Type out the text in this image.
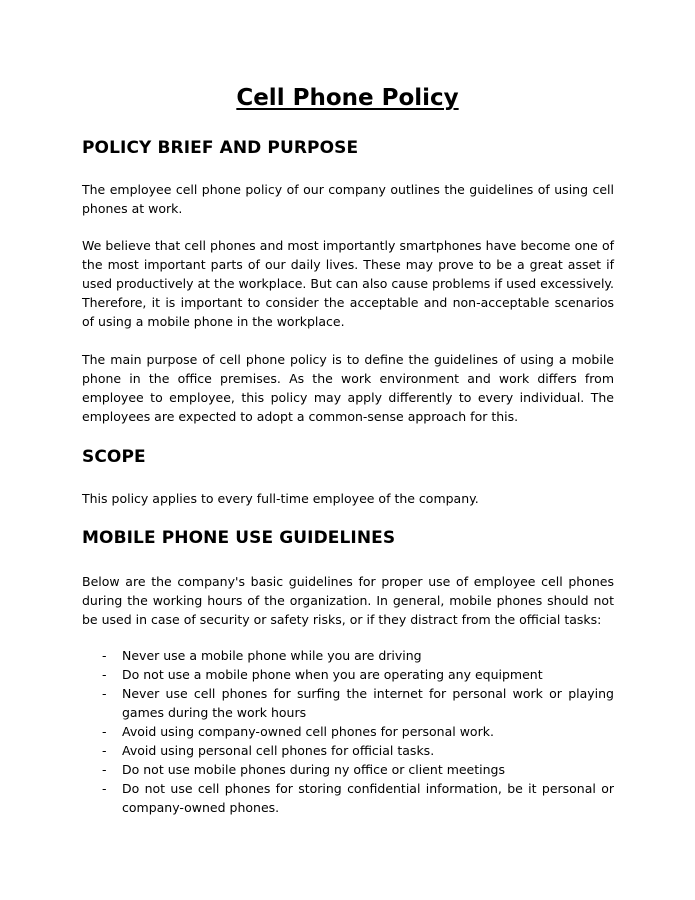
Cell Phone Policy
POLICY BRIEF AND PURPOSE

The employee cell phone policy of our company outlines the guidelines of using cell phones at work.

We believe that cell phones and most importantly smartphones have become one of the most important parts of our daily lives. These may prove to be a great asset if used productively at the workplace. But can also cause problems if used excessively. Therefore, it is important to consider the acceptable and non-acceptable scenarios of using a mobile phone in the workplace.

The main purpose of cell phone policy is to define the guidelines of using a mobile phone in the office premises. As the work environment and work differs from employee to employee, this policy may apply differently to every individual. The employees are expected to adopt a common-sense approach for this.

SCOPE

This policy applies to every full-time employee of the company.

MOBILE PHONE USE GUIDELINES

Below are the company's basic guidelines for proper use of employee cell phones during the working hours of the organization. In general, mobile phones should not be used in case of security or safety risks, or if they distract from the official tasks:

- Never use a mobile phone while you are driving
- Do not use a mobile phone when you are operating any equipment
- Never use cell phones for surfing the internet for personal work or playing games during the work hours
- Avoid using company-owned cell phones for personal work.
- Avoid using personal cell phones for official tasks.
- Do not use mobile phones during ny office or client meetings
- Do not use cell phones for storing confidential information, be it personal or company-owned phones.
